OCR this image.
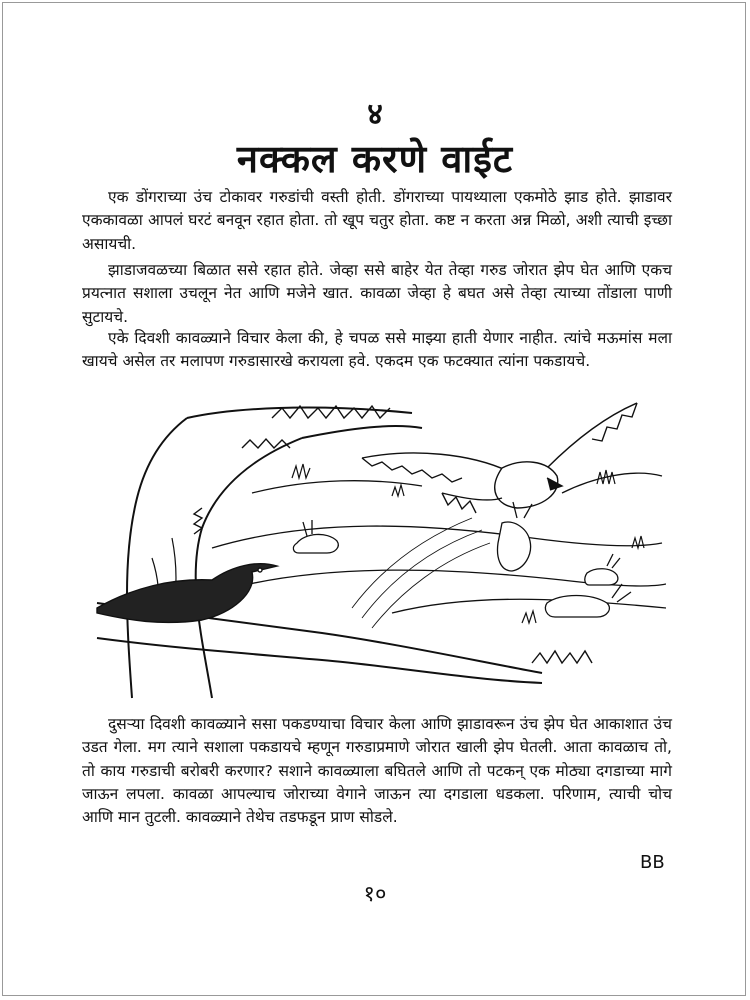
४
नक्कल करणे वाईट

एक डोंगराच्या उंच टोकावर गरुडांची वस्ती होती. डोंगराच्या पायथ्याला एकमोठे झाड होते. झाडावर एककावळा आपलं घरटं बनवून रहात होता. तो खूप चतुर होता. कष्ट न करता अन्न मिळो, अशी त्याची इच्छा असायची.

झाडाजवळच्या बिळात ससे रहात होते. जेव्हा ससे बाहेर येत तेव्हा गरुड जोरात झेप घेत आणि एकच प्रयत्नात सशाला उचलून नेत आणि मजेने खात. कावळा जेव्हा हे बघत असे तेव्हा त्याच्या तोंडाला पाणी सुटायचे.

एके दिवशी कावळ्याने विचार केला की, हे चपळ ससे माझ्या हाती येणार नाहीत. त्यांचे मऊमांस मला खायचे असेल तर मलापण गरुडासारखे करायला हवे. एकदम एक फटक्यात त्यांना पकडायचे.

दुसऱ्या दिवशी कावळ्याने ससा पकडण्याचा विचार केला आणि झाडावरून उंच झेप घेत आकाशात उंच उडत गेला. मग त्याने सशाला पकडायचे म्हणून गरुडाप्रमाणे जोरात खाली झेप घेतली. आता कावळाच तो, तो काय गरुडाची बरोबरी करणार? सशाने कावळ्याला बघितले आणि तो पटकन् एक मोठ्या दगडाच्या मागे जाऊन लपला. कावळा आपल्याच जोराच्या वेगाने जाऊन त्या दगडाला धडकला. परिणाम, त्याची चोच आणि मान तुटली. कावळ्याने तेथेच तडफडून प्राण सोडले.

BB
१०
